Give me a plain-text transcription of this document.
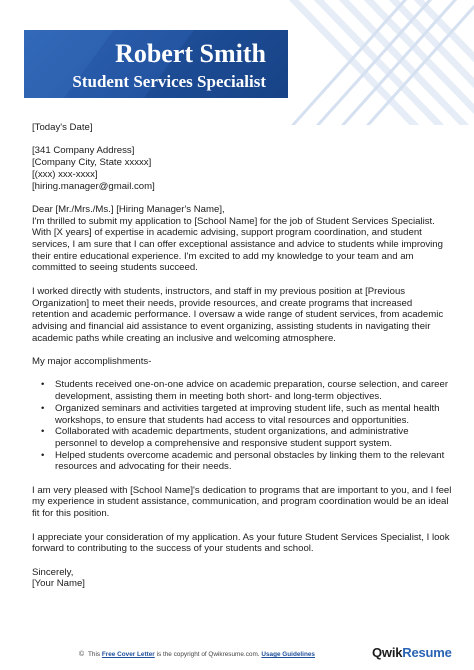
Robert Smith
Student Services Specialist

[Today's Date]

[341 Company Address]

[Company City, State xxxxx]

[(xxx) xxx-xxxx]

[hiring.manager@gmail.com]

Dear [Mr./Mrs./Ms.] [Hiring Manager's Name],

I'm thrilled to submit my application to [School Name] for the job of Student Services Specialist. With [X years] of expertise in academic advising, support program coordination, and student services, I am sure that I can offer exceptional assistance and advice to students while improving their entire educational experience. I'm excited to add my knowledge to your team and am committed to seeing students succeed.

I worked directly with students, instructors, and staff in my previous position at [Previous Organization] to meet their needs, provide resources, and create programs that increased retention and academic performance. I oversaw a wide range of student services, from academic advising and financial aid assistance to event organizing, assisting students in navigating their academic paths while creating an inclusive and welcoming atmosphere.

My major accomplishments-

• Students received one-on-one advice on academic preparation, course selection, and career development, assisting them in meeting both short- and long-term objectives.
• Organized seminars and activities targeted at improving student life, such as mental health workshops, to ensure that students had access to vital resources and opportunities.
• Collaborated with academic departments, student organizations, and administrative personnel to develop a comprehensive and responsive student support system.
• Helped students overcome academic and personal obstacles by linking them to the relevant resources and advocating for their needs.

I am very pleased with [School Name]'s dedication to programs that are important to you, and I feel my experience in student assistance, communication, and program coordination would be an ideal fit for this position.

I appreciate your consideration of my application. As your future Student Services Specialist, I look forward to contributing to the success of your students and school.

Sincerely,

[Your Name]

© This Free Cover Letter is the copyright of Qwikresume.com. Usage Guidelines	QwikResume
